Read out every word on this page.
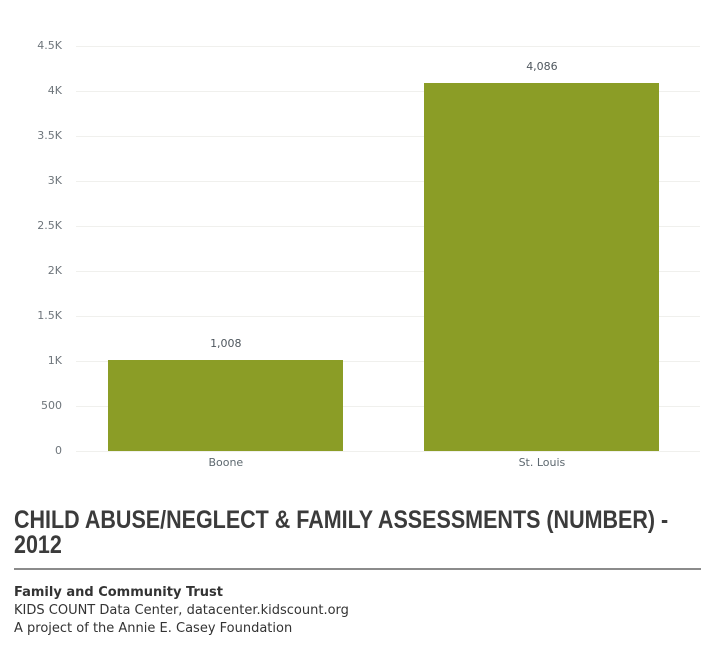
0
500
1K
1.5K
2K
2.5K
3K
3.5K
4K
4.5K
1,008
Boone
4,086
St. Louis
CHILD ABUSE/NEGLECT & FAMILY ASSESSMENTS (NUMBER) - 2012
Family and Community Trust
KIDS COUNT Data Center, datacenter.kidscount.org
A project of the Annie E. Casey Foundation
